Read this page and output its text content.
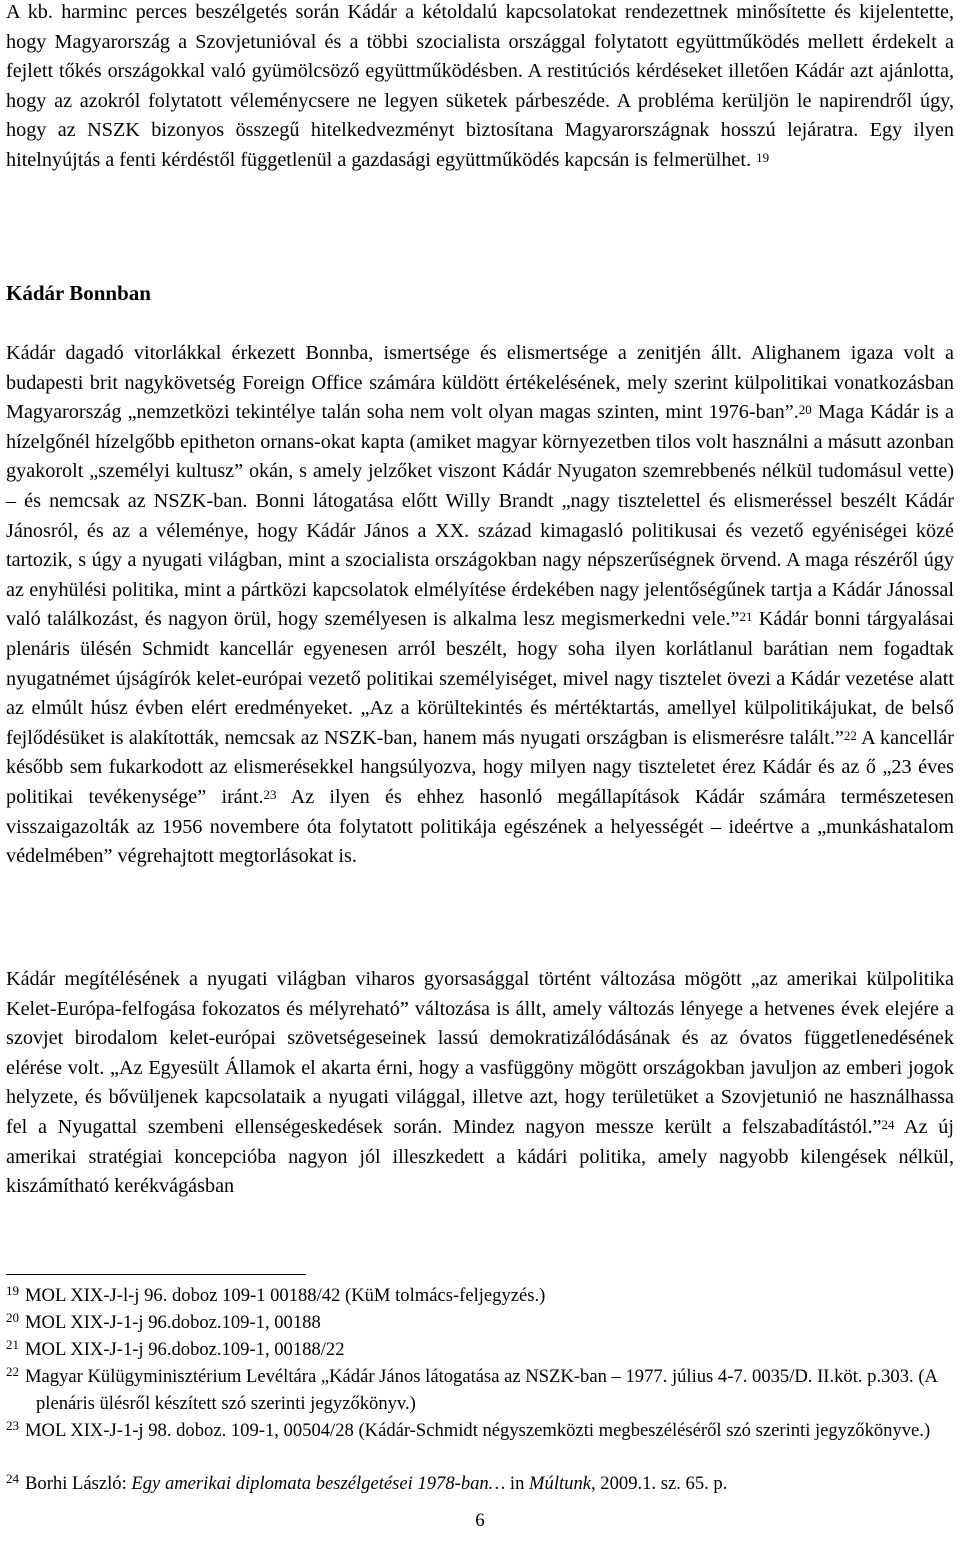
A kb. harminc perces beszélgetés során Kádár a kétoldalú kapcsolatokat rendezettnek minősítette és kijelentette, hogy Magyarország a Szovjetunióval és a többi szocialista országgal folytatott együttműködés mellett érdekelt a fejlett tőkés országokkal való gyümölcsöző együttműködésben. A restitúciós kérdéseket illetően Kádár azt ajánlotta, hogy az azokról folytatott véleménycsere ne legyen süketek párbeszéde. A probléma kerüljön le napirendről úgy, hogy az NSZK bizonyos összegű hitelkedvezményt biztosítana Magyarországnak hosszú lejáratra. Egy ilyen hitelnyújtás a fenti kérdéstől függetlenül a gazdasági együttműködés kapcsán is felmerülhet. $^{19}$

Kádár Bonnban

Kádár dagadó vitorlákkal érkezett Bonnba, ismertsége és elismertsége a zenitjén állt. Alighanem igaza volt a budapesti brit nagykövetség Foreign Office számára küldött értékelésének, mely szerint külpolitikai vonatkozásban Magyarország „nemzetközi tekintélye talán soha nem volt olyan magas szinten, mint 1976-ban”.$^{20}$ Maga Kádár is a hízelgőnél hízelgőbb epitheton ornans-okat kapta (amiket magyar környezetben tilos volt használni a másutt azonban gyakorolt „személyi kultusz” okán, s amely jelzőket viszont Kádár Nyugaton szemrebbenés nélkül tudomásul vette) – és nemcsak az NSZK-ban. Bonni látogatása előtt Willy Brandt „nagy tisztelettel és elismeréssel beszélt Kádár Jánosról, és az a véleménye, hogy Kádár János a XX. század kimagasló politikusai és vezető egyéniségei közé tartozik, s úgy a nyugati világban, mint a szocialista országokban nagy népszerűségnek örvend. A maga részéről úgy az enyhülési politika, mint a pártközi kapcsolatok elmélyítése érdekében nagy jelentőségűnek tartja a Kádár Jánossal való találkozást, és nagyon örül, hogy személyesen is alkalma lesz megismerkedni vele.”$^{21}$ Kádár bonni tárgyalásai plenáris ülésén Schmidt kancellár egyenesen arról beszélt, hogy soha ilyen korlátlanul barátian nem fogadtak nyugatnémet újságírók kelet-európai vezető politikai személyiséget, mivel nagy tisztelet övezi a Kádár vezetése alatt az elmúlt húsz évben elért eredményeket. „Az a körültekintés és mértéktartás, amellyel külpolitikájukat, de belső fejlődésüket is alakították, nemcsak az NSZK-ban, hanem más nyugati országban is elismerésre talált.”$^{22}$ A kancellár később sem fukarkodott az elismerésekkel hangsúlyozva, hogy milyen nagy tiszteletet érez Kádár és az ő „23 éves politikai tevékenysége” iránt.$^{23}$ Az ilyen és ehhez hasonló megállapítások Kádár számára természetesen visszaigazolták az 1956 novembere óta folytatott politikája egészének a helyességét – ideértve a „munkáshatalom védelmében” végrehajtott megtorlásokat is.

Kádár megítélésének a nyugati világban viharos gyorsasággal történt változása mögött „az amerikai külpolitika Kelet-Európa-felfogása fokozatos és mélyreható” változása is állt, amely változás lényege a hetvenes évek elejére a szovjet birodalom kelet-európai szövetségeseinek lassú demokratizálódásának és az óvatos függetlenedésének elérése volt. „Az Egyesült Államok el akarta érni, hogy a vasfüggöny mögött országokban javuljon az emberi jogok helyzete, és bővüljenek kapcsolataik a nyugati világgal, illetve azt, hogy területüket a Szovjetunió ne használhassa fel a Nyugattal szembeni ellenségeskedések során. Mindez nagyon messze került a felszabadítástól.”$^{24}$ Az új amerikai stratégiai koncepcióba nagyon jól illeszkedett a kádári politika, amely nagyobb kilengések nélkül, kiszámítható kerékvágásban

$^{19}$ MOL XIX-J-l-j 96. doboz 109-1 00188/42 (KüM tolmács-feljegyzés.)
$^{20}$ MOL XIX-J-1-j 96.doboz.109-1, 00188
$^{21}$ MOL XIX-J-1-j 96.doboz.109-1, 00188/22
$^{22}$ Magyar Külügyminisztérium Levéltára „Kádár János látogatása az NSZK-ban – 1977. július 4-7. 0035/D. II.köt. p.303. (A plenáris ülésről készített szó szerinti jegyzőkönyv.)
$^{23}$ MOL XIX-J-1-j 98. doboz. 109-1, 00504/28 (Kádár-Schmidt négyszemközti megbeszéléséről szó szerinti jegyzőkönyve.)
$^{24}$ Borhi László: Egy amerikai diplomata beszélgetései 1978-ban… in Múltunk, 2009.1. sz. 65. p.
6
